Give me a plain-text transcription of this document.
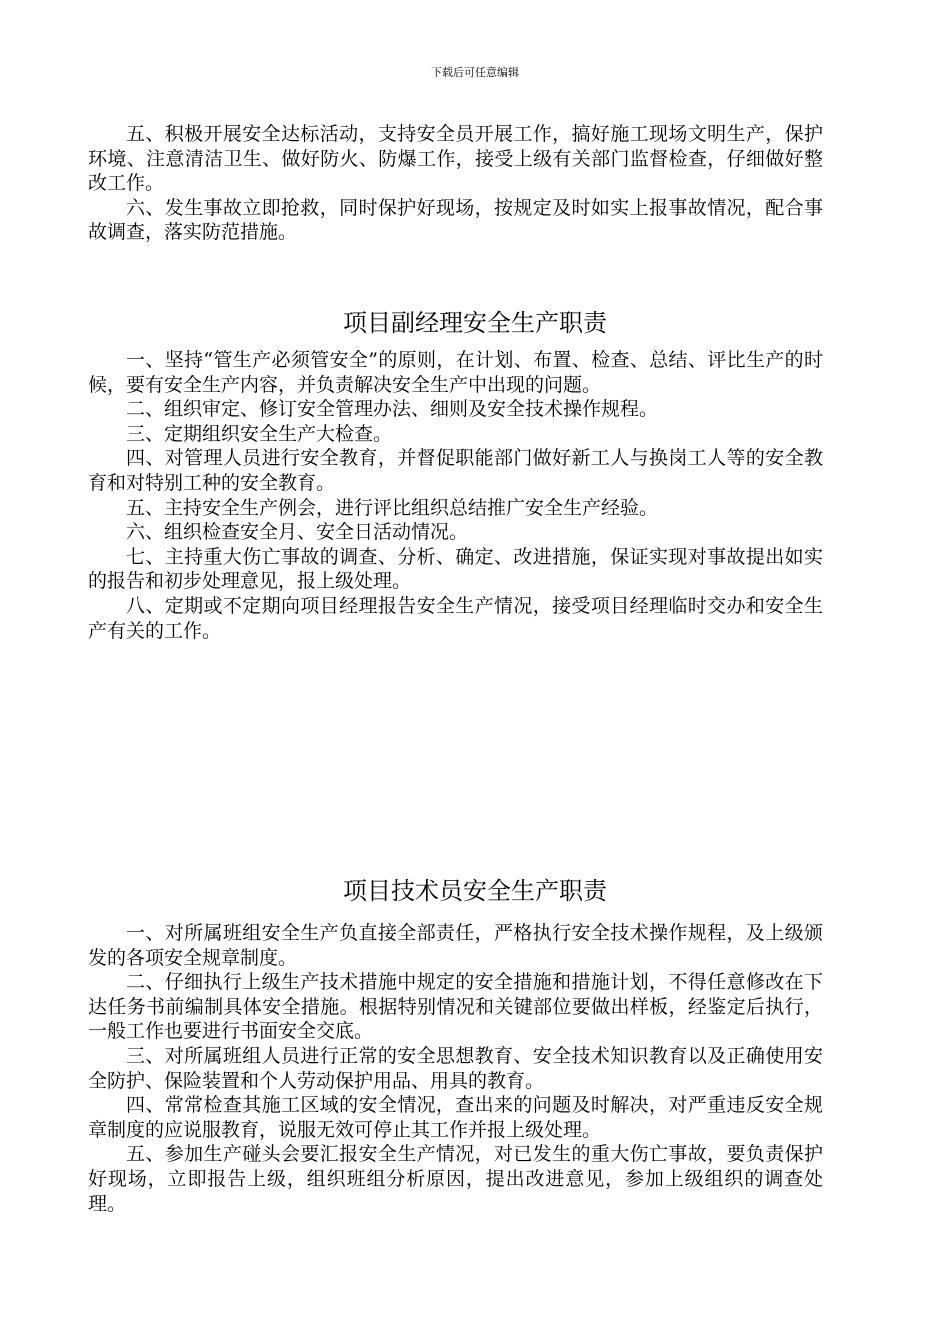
下载后可任意编辑

五、积极开展安全达标活动，支持安全员开展工作，搞好施工现场文明生产，保护环境、注意清洁卫生、做好防火、防爆工作，接受上级有关部门监督检查，仔细做好整改工作。

六、发生事故立即抢救，同时保护好现场，按规定及时如实上报事故情况，配合事故调查，落实防范措施。

项目副经理安全生产职责

一、坚持“管生产必须管安全”的原则，在计划、布置、检查、总结、评比生产的时候，要有安全生产内容，并负责解决安全生产中出现的问题。

二、组织审定、修订安全管理办法、细则及安全技术操作规程。

三、定期组织安全生产大检查。

四、对管理人员进行安全教育，并督促职能部门做好新工人与换岗工人等的安全教育和对特别工种的安全教育。

五、主持安全生产例会，进行评比组织总结推广安全生产经验。

六、组织检查安全月、安全日活动情况。

七、主持重大伤亡事故的调查、分析、确定、改进措施，保证实现对事故提出如实的报告和初步处理意见，报上级处理。

八、定期或不定期向项目经理报告安全生产情况，接受项目经理临时交办和安全生产有关的工作。

项目技术员安全生产职责

一、对所属班组安全生产负直接全部责任，严格执行安全技术操作规程，及上级颁发的各项安全规章制度。

二、仔细执行上级生产技术措施中规定的安全措施和措施计划，不得任意修改在下达任务书前编制具体安全措施。根据特别情况和关键部位要做出样板，经鉴定后执行，一般工作也要进行书面安全交底。

三、对所属班组人员进行正常的安全思想教育、安全技术知识教育以及正确使用安全防护、保险装置和个人劳动保护用品、用具的教育。

四、常常检查其施工区域的安全情况，查出来的问题及时解决，对严重违反安全规章制度的应说服教育，说服无效可停止其工作并报上级处理。

五、参加生产碰头会要汇报安全生产情况，对已发生的重大伤亡事故，要负责保护好现场，立即报告上级，组织班组分析原因，提出改进意见，参加上级组织的调查处理。
